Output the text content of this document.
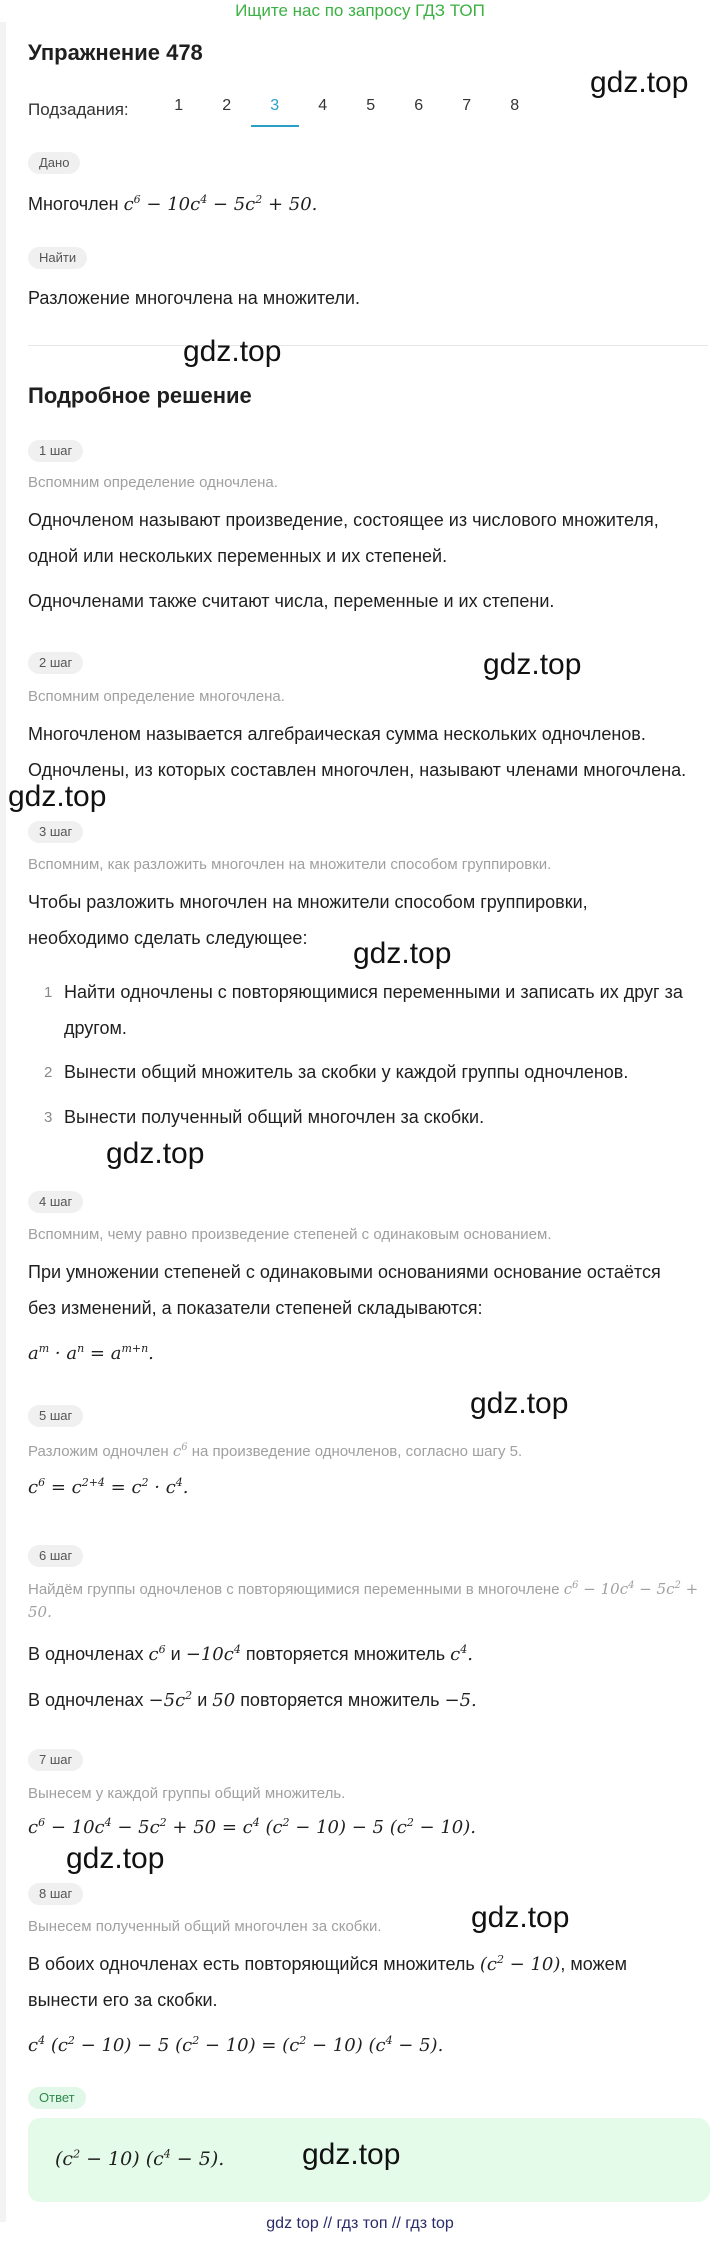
Ищите нас по запросу ГДЗ ТОП
Упражнение 478
gdz.top
Подзадания:	1	2	3	4	5	6	7	8
Дано
Многочлен $c^6 - 10c^4 - 5c^2 + 50$.
Найти
Разложение многочлена на множители.
gdz.top
Подробное решение
1 шаг
Вспомним определение одночлена.
Одночленом называют произведение, состоящее из числового множителя,
одной или нескольких переменных и их степеней.
Одночленами также считают числа, переменные и их степени.
2 шаг	gdz.top
Вспомним определение многочлена.
Многочленом называется алгебраическая сумма нескольких одночленов.
Одночлены, из которых составлен многочлен, называют членами многочлена.
gdz.top
3 шаг
Вспомним, как разложить многочлен на множители способом группировки.
Чтобы разложить многочлен на множители способом группировки,
необходимо сделать следующее:	gdz.top
1 Найти одночлены с повторяющимися переменными и записать их друг за
другом.
2 Вынести общий множитель за скобки у каждой группы одночленов.
3 Вынести полученный общий многочлен за скобки.
gdz.top
4 шаг
Вспомним, чему равно произведение степеней с одинаковым основанием.
При умножении степеней с одинаковыми основаниями основание остаётся
без изменений, а показатели степеней складываются:
$a^m \cdot a^n = a^{m+n}$.
gdz.top
5 шаг
Разложим одночлен $c^6$ на произведение одночленов, согласно шагу 5.
$c^6 = c^{2+4} = c^2 \cdot c^4$.
6 шаг
Найдём группы одночленов с повторяющимися переменными в многочлене $c^6 - 10c^4 - 5c^2 + 50$.
В одночленах $c^6$ $и -10c^4$ повторяется множитель $c^4$.
В одночленах $-5c^2$ и 50 повторяется множитель −5.
7 шаг
Вынесем у каждой группы общий множитель.
$c^6 - 10c^4 - 5c^2 + 50 = c^4$ $(c^2 - 10) - 5$ $(c^2 - 10)$.
gdz.top
8 шаг
gdz.top
Вынесем полученный общий многочлен за скобки.
В обоих одночленах есть повторяющийся множитель $(c^2 - 10)$, можем
вынести его за скобки.
$c^4$ $(c^2 - 10) - 5$ $(c^2 - 10) = (c^2 - 10) (c^4 - 5)$.
Ответ
$(c^2 - 10) (c^4 - 5)$.	gdz.top
gdz top // гдз топ // гдз top
